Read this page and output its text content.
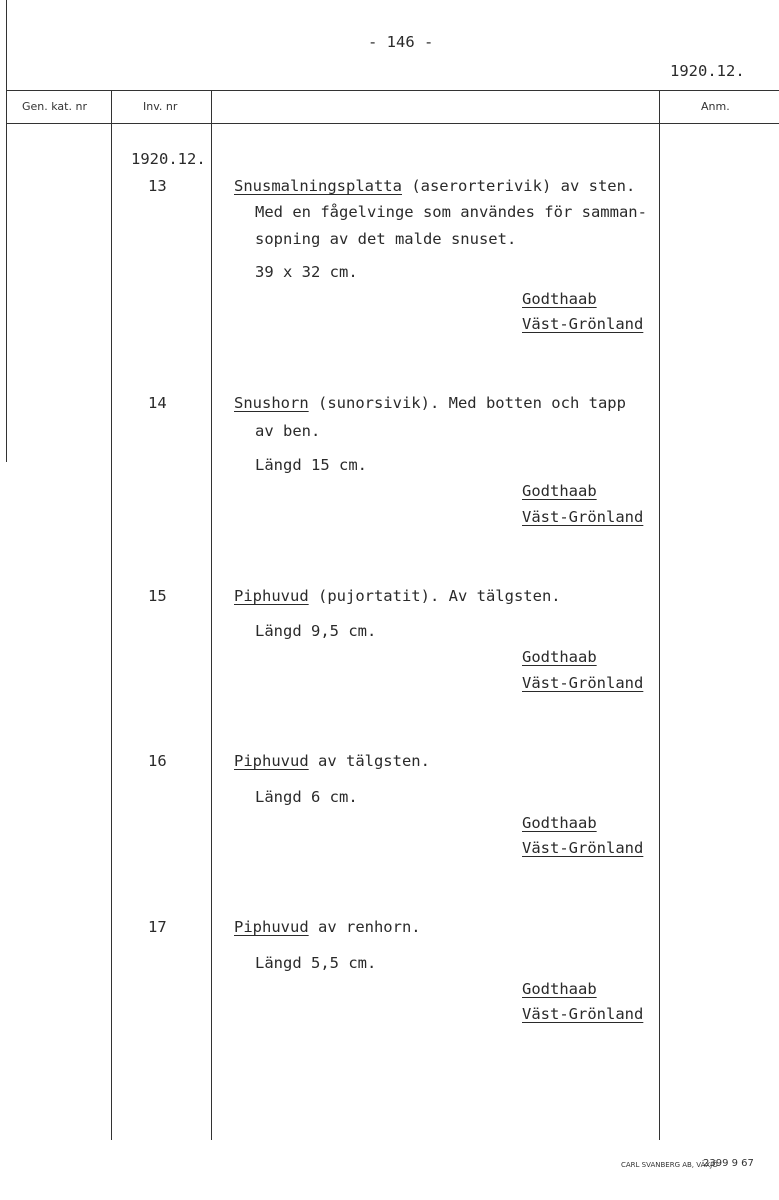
- 146 -
1920.12.
Gen. kat. nr	Inv. nr	Anm.
1920.12.
13	Snusmalningsplatta (aserorterivik) av sten.
Med en fågelvinge som användes för samman-
sopning av det malde snuset.
39 x 32 cm.
Godthaab
Väst-Grönland
14	Snushorn (sunorsivik). Med botten och tapp
av ben.
Längd 15 cm.
Godthaab
Väst-Grönland
15	Piphuvud (pujortatit). Av tälgsten.
Längd 9,5 cm.
Godthaab
Väst-Grönland
16	Piphuvud av tälgsten.
Längd 6 cm.
Godthaab
Väst-Grönland
17	Piphuvud av renhorn.
Längd 5,5 cm.
Godthaab
Väst-Grönland
CARL SVANBERG AB, VÄXJÖ
2399 9 67
